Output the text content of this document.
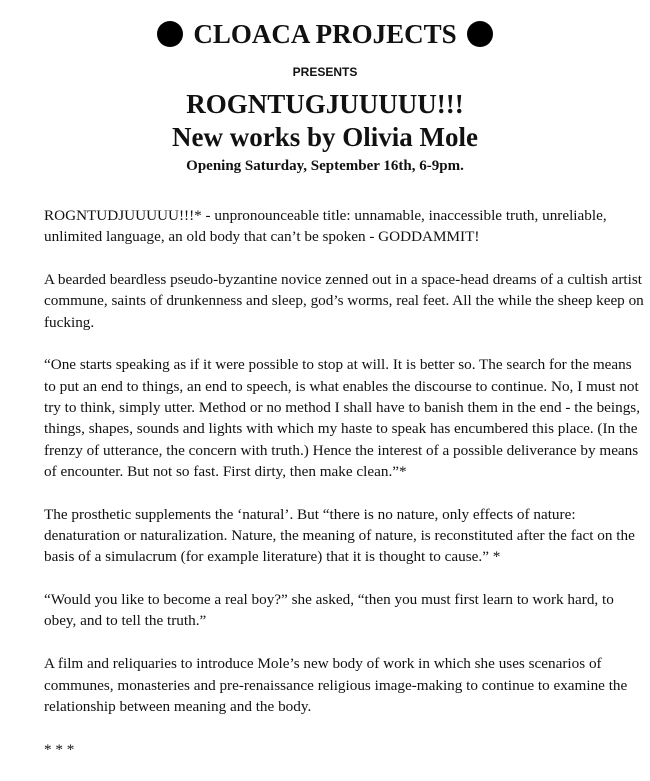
CLOACA PROJECTS
PRESENTS
ROGNTUGJUUUUU!!!
New works by Olivia Mole
Opening Saturday, September 16th, 6-9pm.

ROGNTUDJUUUUU!!!* - unpronounceable title: unnamable, inaccessible truth, unreliable, unlimited language, an old body that can’t be spoken - GODDAMMIT!

A bearded beardless pseudo-byzantine novice zenned out in a space-head dreams of a cultish artist commune, saints of drunkenness and sleep, god’s worms, real feet. All the while the sheep keep on fucking.

“One starts speaking as if it were possible to stop at will. It is better so. The search for the means to put an end to things, an end to speech, is what enables the discourse to continue. No, I must not try to think, simply utter. Method or no method I shall have to banish them in the end - the beings, things, shapes, sounds and lights with which my haste to speak has encumbered this place. (In the frenzy of utterance, the concern with truth.) Hence the interest of a possible deliverance by means of encounter. But not so fast. First dirty, then make clean.”*

The prosthetic supplements the ‘natural’. But “there is no nature, only effects of nature: denaturation or naturalization. Nature, the meaning of nature, is reconstituted after the fact on the basis of a simulacrum (for example literature) that it is thought to cause.” *

“Would you like to become a real boy?” she asked, “then you must first learn to work hard, to obey, and to tell the truth.”

A film and reliquaries to introduce Mole’s new body of work in which she uses scenarios of communes, monasteries and pre-renaissance religious image-making to continue to examine the relationship between meaning and the body.

* * *
